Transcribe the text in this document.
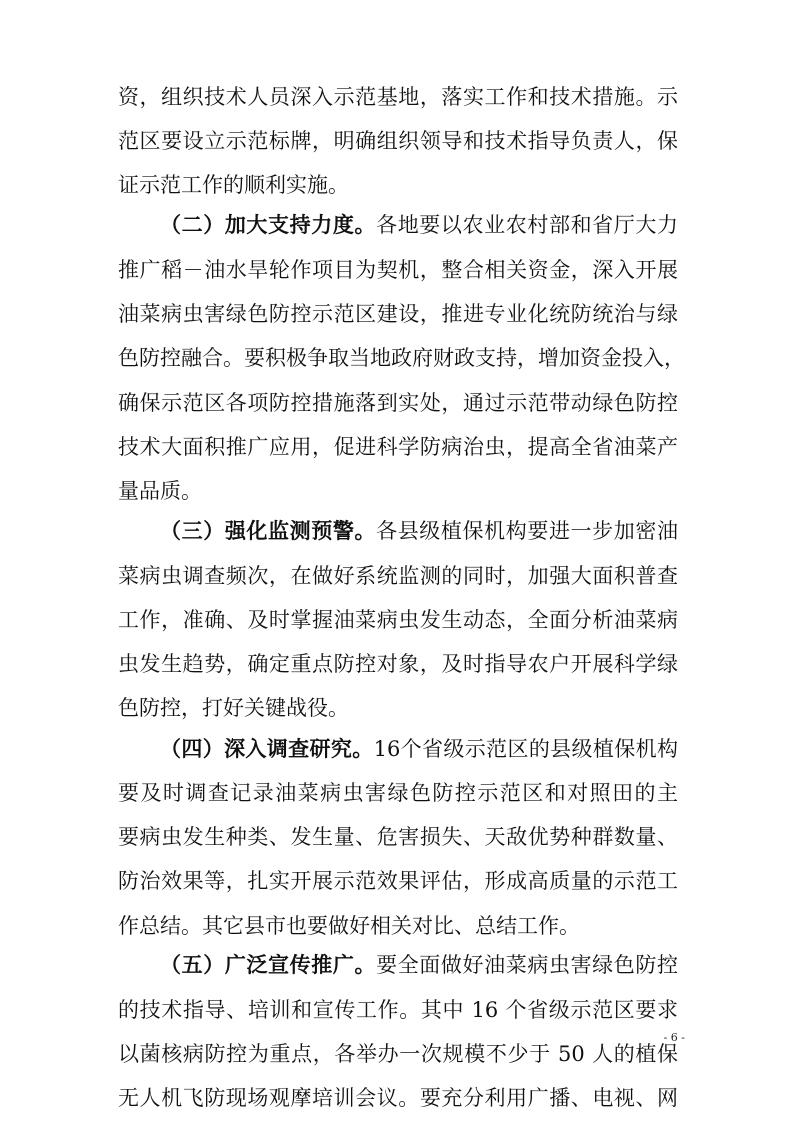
资，组织技术人员深入示范基地，落实工作和技术措施。示
范区要设立示范标牌，明确组织领导和技术指导负责人，保
证示范工作的顺利实施。
（二）加大支持力度。各地要以农业农村部和省厅大力
推广稻－油水旱轮作项目为契机，整合相关资金，深入开展
油菜病虫害绿色防控示范区建设，推进专业化统防统治与绿
色防控融合。要积极争取当地政府财政支持，增加资金投入，
确保示范区各项防控措施落到实处，通过示范带动绿色防控
技术大面积推广应用，促进科学防病治虫，提高全省油菜产
量品质。
（三）强化监测预警。各县级植保机构要进一步加密油
菜病虫调查频次，在做好系统监测的同时，加强大面积普查
工作，准确、及时掌握油菜病虫发生动态，全面分析油菜病
虫发生趋势，确定重点防控对象，及时指导农户开展科学绿
色防控，打好关键战役。
（四）深入调查研究。16个省级示范区的县级植保机构
要及时调查记录油菜病虫害绿色防控示范区和对照田的主
要病虫发生种类、发生量、危害损失、天敌优势种群数量、
防治效果等，扎实开展示范效果评估，形成高质量的示范工
作总结。其它县市也要做好相关对比、总结工作。
（五）广泛宣传推广。要全面做好油菜病虫害绿色防控
的技术指导、培训和宣传工作。其中 16 个省级示范区要求
以菌核病防控为重点，各举办一次规模不少于 50 人的植保
无人机飞防现场观摩培训会议。要充分利用广播、电视、网
- 6 -
